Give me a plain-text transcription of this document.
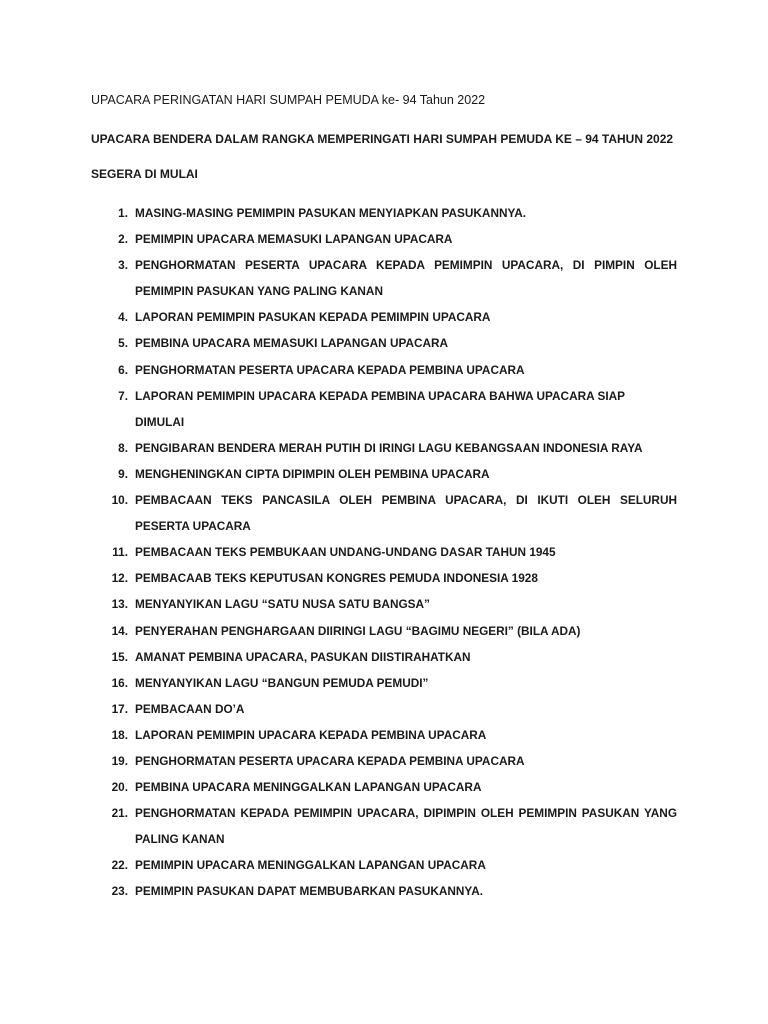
UPACARA PERINGATAN HARI SUMPAH PEMUDA ke- 94 Tahun 2022
UPACARA BENDERA DALAM RANGKA MEMPERINGATI HARI SUMPAH PEMUDA KE – 94 TAHUN 2022
SEGERA DI MULAI
1. MASING-MASING PEMIMPIN PASUKAN MENYIAPKAN PASUKANNYA.
2. PEMIMPIN UPACARA MEMASUKI LAPANGAN UPACARA
3. PENGHORMATAN PESERTA UPACARA KEPADA PEMIMPIN UPACARA, DI PIMPIN OLEH PEMIMPIN PASUKAN YANG PALING KANAN
4. LAPORAN PEMIMPIN PASUKAN KEPADA PEMIMPIN UPACARA
5. PEMBINA UPACARA MEMASUKI LAPANGAN UPACARA
6. PENGHORMATAN PESERTA UPACARA KEPADA PEMBINA UPACARA
7. LAPORAN PEMIMPIN UPACARA KEPADA PEMBINA UPACARA BAHWA UPACARA SIAP DIMULAI
8. PENGIBARAN BENDERA MERAH PUTIH DI IRINGI LAGU KEBANGSAAN INDONESIA RAYA
9. MENGHENINGKAN CIPTA DIPIMPIN OLEH PEMBINA UPACARA
10. PEMBACAAN TEKS PANCASILA OLEH PEMBINA UPACARA, DI IKUTI OLEH SELURUH PESERTA UPACARA
11. PEMBACAAN TEKS PEMBUKAAN UNDANG-UNDANG DASAR TAHUN 1945
12. PEMBACAAB TEKS KEPUTUSAN KONGRES PEMUDA INDONESIA 1928
13. MENYANYIKAN LAGU “SATU NUSA SATU BANGSA”
14. PENYERAHAN PENGHARGAAN DIIRINGI LAGU “BAGIMU NEGERI” (BILA ADA)
15. AMANAT PEMBINA UPACARA, PASUKAN DIISTIRAHATKAN
16. MENYANYIKAN LAGU “BANGUN PEMUDA PEMUDI”
17. PEMBACAAN DO’A
18. LAPORAN PEMIMPIN UPACARA KEPADA PEMBINA UPACARA
19. PENGHORMATAN PESERTA UPACARA KEPADA PEMBINA UPACARA
20. PEMBINA UPACARA MENINGGALKAN LAPANGAN UPACARA
21. PENGHORMATAN KEPADA PEMIMPIN UPACARA, DIPIMPIN OLEH PEMIMPIN PASUKAN YANG PALING KANAN
22. PEMIMPIN UPACARA MENINGGALKAN LAPANGAN UPACARA
23. PEMIMPIN PASUKAN DAPAT MEMBUBARKAN PASUKANNYA.
